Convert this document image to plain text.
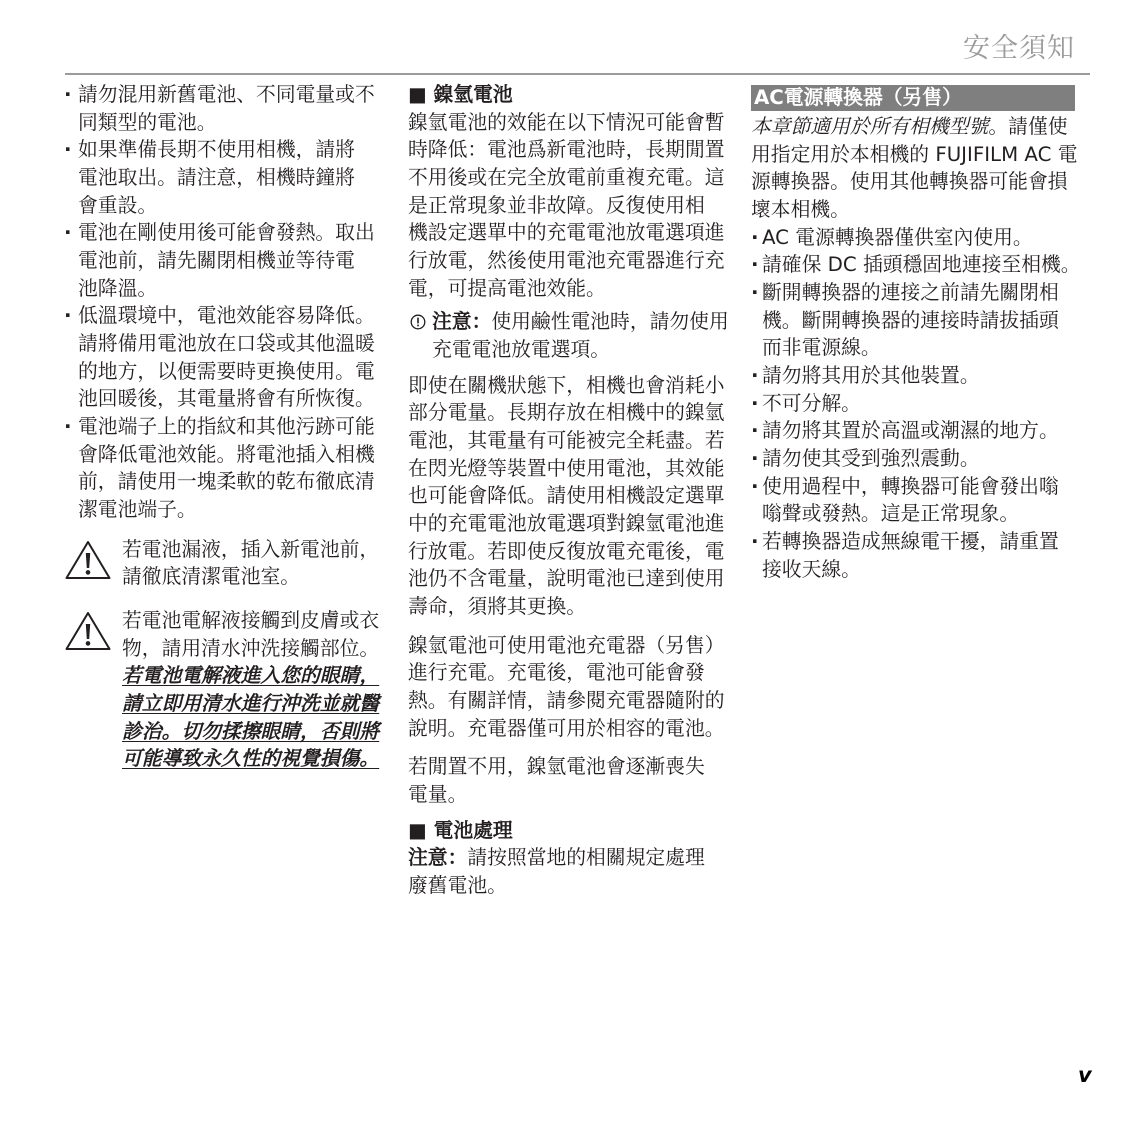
安全須知
· 請勿混用新舊電池、不同電量或不
同類型的電池。
· 如果準備長期不使用相機，請將
電池取出。請注意，相機時鐘將
會重設。
· 電池在剛使用後可能會發熱。取出
電池前，請先關閉相機並等待電
池降溫。
· 低溫環境中，電池效能容易降低。
請將備用電池放在口袋或其他溫暖
的地方，以便需要時更換使用。電
池回暖後，其電量將會有所恢復。
· 電池端子上的指紋和其他污跡可能
會降低電池效能。將電池插入相機
前，請使用一塊柔軟的乾布徹底清
潔電池端子。
若電池漏液，插入新電池前，
請徹底清潔電池室。
若電池電解液接觸到皮膚或衣
物，請用清水沖洗接觸部位。
若電池電解液進入您的眼睛，
請立即用清水進行沖洗並就醫
診治。切勿揉擦眼睛，否則將
可能導致永久性的視覺損傷。
■ 鎳氫電池
鎳氫電池的效能在以下情況可能會暫
時降低：電池爲新電池時，長期閒置
不用後或在完全放電前重複充電。這
是正常現象並非故障。反復使用相
機設定選單中的充電電池放電選項進
行放電，然後使用電池充電器進行充
電，可提高電池效能。
注意：使用鹼性電池時，請勿使用
充電電池放電選項。
即使在關機狀態下，相機也會消耗小
部分電量。長期存放在相機中的鎳氫
電池，其電量有可能被完全耗盡。若
在閃光燈等裝置中使用電池，其效能
也可能會降低。請使用相機設定選單
中的充電電池放電選項對鎳氫電池進
行放電。若即使反復放電充電後，電
池仍不含電量，說明電池已達到使用
壽命，須將其更換。
鎳氫電池可使用電池充電器（另售）
進行充電。充電後，電池可能會發
熱。有關詳情，請參閱充電器隨附的
說明。充電器僅可用於相容的電池。
若閒置不用，鎳氫電池會逐漸喪失
電量。
■ 電池處理
注意：請按照當地的相關規定處理
廢舊電池。
AC電源轉換器（另售）
本章節適用於所有相機型號。請僅使
用指定用於本相機的 FUJIFILM AC 電
源轉換器。使用其他轉換器可能會損
壞本相機。
· AC 電源轉換器僅供室內使用。
· 請確保 DC 插頭穩固地連接至相機。
· 斷開轉換器的連接之前請先關閉相
機。斷開轉換器的連接時請拔插頭
而非電源線。
· 請勿將其用於其他裝置。
· 不可分解。
· 請勿將其置於高溫或潮濕的地方。
· 請勿使其受到強烈震動。
· 使用過程中，轉換器可能會發出嗡
嗡聲或發熱。這是正常現象。
· 若轉換器造成無線電干擾，請重置
接收天線。
v
